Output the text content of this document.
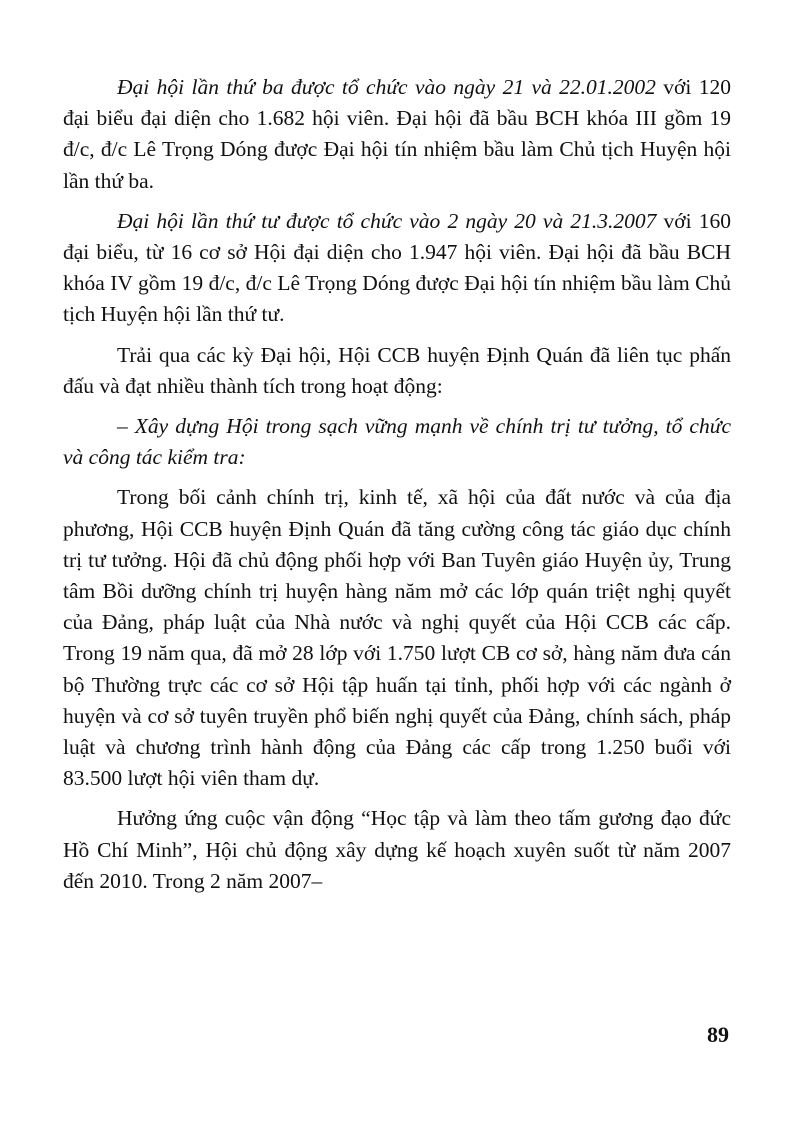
Đại hội lần thứ ba được tổ chức vào ngày 21 và 22.01.2002 với 120 đại biểu đại diện cho 1.682 hội viên. Đại hội đã bầu BCH khóa III gồm 19 đ/c, đ/c Lê Trọng Dóng được Đại hội tín nhiệm bầu làm Chủ tịch Huyện hội lần thứ ba.

Đại hội lần thứ tư được tổ chức vào 2 ngày 20 và 21.3.2007 với 160 đại biểu, từ 16 cơ sở Hội đại diện cho 1.947 hội viên. Đại hội đã bầu BCH khóa IV gồm 19 đ/c, đ/c Lê Trọng Dóng được Đại hội tín nhiệm bầu làm Chủ tịch Huyện hội lần thứ tư.

Trải qua các kỳ Đại hội, Hội CCB huyện Định Quán đã liên tục phấn đấu và đạt nhiều thành tích trong hoạt động:

– Xây dựng Hội trong sạch vững mạnh về chính trị tư tưởng, tổ chức và công tác kiểm tra:

Trong bối cảnh chính trị, kinh tế, xã hội của đất nước và của địa phương, Hội CCB huyện Định Quán đã tăng cường công tác giáo dục chính trị tư tưởng. Hội đã chủ động phối hợp với Ban Tuyên giáo Huyện ủy, Trung tâm Bồi dưỡng chính trị huyện hàng năm mở các lớp quán triệt nghị quyết của Đảng, pháp luật của Nhà nước và nghị quyết của Hội CCB các cấp. Trong 19 năm qua, đã mở 28 lớp với 1.750 lượt CB cơ sở, hàng năm đưa cán bộ Thường trực các cơ sở Hội tập huấn tại tỉnh, phối hợp với các ngành ở huyện và cơ sở tuyên truyền phổ biến nghị quyết của Đảng, chính sách, pháp luật và chương trình hành động của Đảng các cấp trong 1.250 buổi với 83.500 lượt hội viên tham dự.

Hưởng ứng cuộc vận động “Học tập và làm theo tấm gương đạo đức Hồ Chí Minh”, Hội chủ động xây dựng kế hoạch xuyên suốt từ năm 2007 đến 2010. Trong 2 năm 2007–

89
